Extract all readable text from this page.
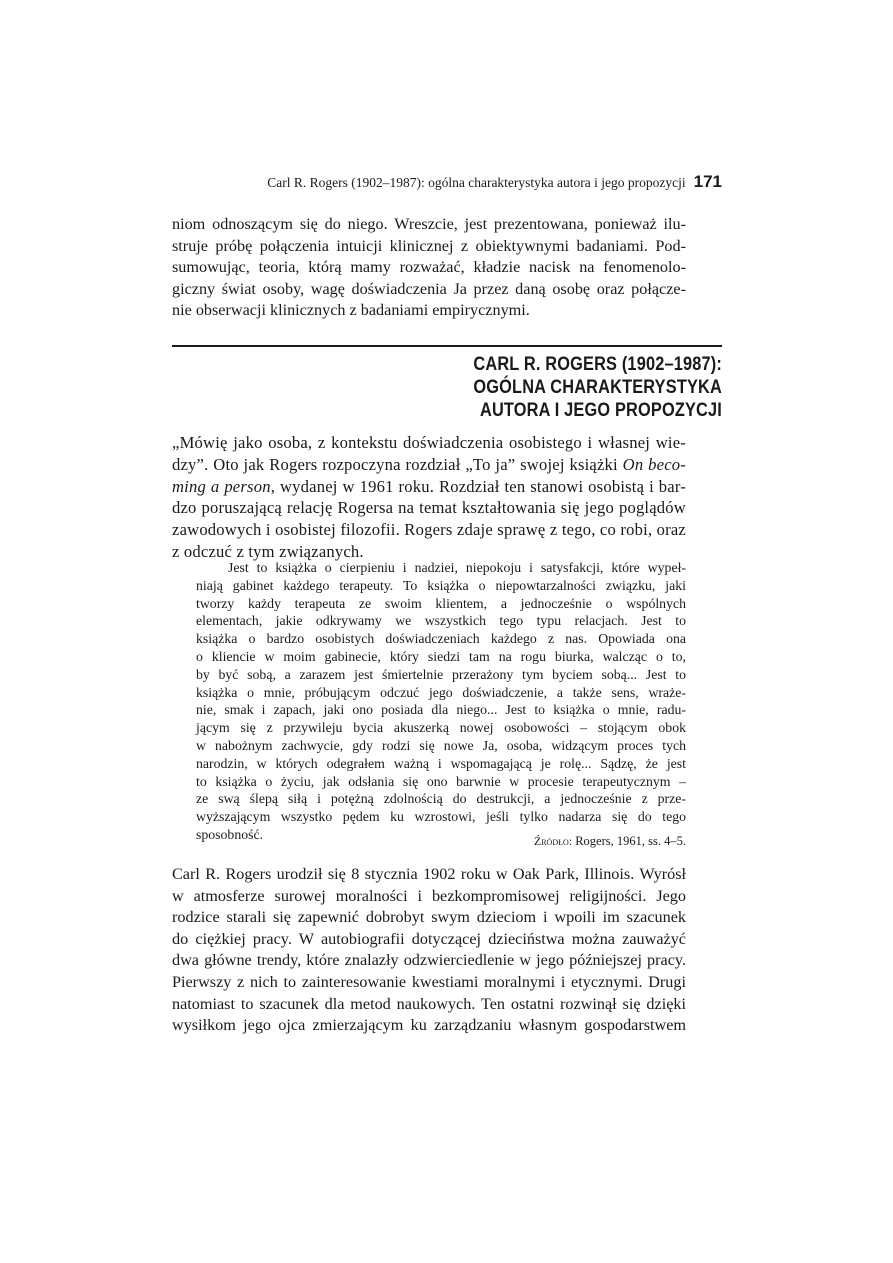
Carl R. Rogers (1902–1987): ogólna charakterystyka autora i jego propozycji 171
niom odnoszącym się do niego. Wreszcie, jest prezentowana, ponieważ ilu-
struje próbę połączenia intuicji klinicznej z obiektywnymi badaniami. Pod-
sumowując, teoria, którą mamy rozważać, kładzie nacisk na fenomenolo-
giczny świat osoby, wagę doświadczenia Ja przez daną osobę oraz połącze-
nie obserwacji klinicznych z badaniami empirycznymi.
CARL R. ROGERS (1902–1987):
OGÓLNA CHARAKTERYSTYKA
AUTORA I JEGO PROPOZYCJI
„Mówię jako osoba, z kontekstu doświadczenia osobistego i własnej wie-
dzy”. Oto jak Rogers rozpoczyna rozdział „To ja” swojej książki On beco-
ming a person, wydanej w 1961 roku. Rozdział ten stanowi osobistą i bar-
dzo poruszającą relację Rogersa na temat kształtowania się jego poglądów
zawodowych i osobistej filozofii. Rogers zdaje sprawę z tego, co robi, oraz
z odczuć z tym związanych.
Jest to książka o cierpieniu i nadziei, niepokoju i satysfakcji, które wypeł-
niają gabinet każdego terapeuty. To książka o niepowtarzalności związku, jaki
tworzy każdy terapeuta ze swoim klientem, a jednocześnie o wspólnych
elementach, jakie odkrywamy we wszystkich tego typu relacjach. Jest to
książka o bardzo osobistych doświadczeniach każdego z nas. Opowiada ona
o kliencie w moim gabinecie, który siedzi tam na rogu biurka, walcząc o to,
by być sobą, a zarazem jest śmiertelnie przerażony tym byciem sobą... Jest to
książka o mnie, próbującym odczuć jego doświadczenie, a także sens, wraże-
nie, smak i zapach, jaki ono posiada dla niego... Jest to książka o mnie, radu-
jącym się z przywileju bycia akuszerką nowej osobowości – stojącym obok
w nabożnym zachwycie, gdy rodzi się nowe Ja, osoba, widzącym proces tych
narodzin, w których odegrałem ważną i wspomagającą je rolę... Sądzę, że jest
to książka o życiu, jak odsłania się ono barwnie w procesie terapeutycznym –
ze swą ślepą siłą i potężną zdolnością do destrukcji, a jednocześnie z prze-
wyższającym wszystko pędem ku wzrostowi, jeśli tylko nadarza się do tego
sposobność.	Źródło: Rogers, 1961, ss. 4–5.
Carl R. Rogers urodził się 8 stycznia 1902 roku w Oak Park, Illinois. Wyrósł
w atmosferze surowej moralności i bezkompromisowej religijności. Jego
rodzice starali się zapewnić dobrobyt swym dzieciom i wpoili im szacunek
do ciężkiej pracy. W autobiografii dotyczącej dzieciństwa można zauważyć
dwa główne trendy, które znalazły odzwierciedlenie w jego późniejszej pracy.
Pierwszy z nich to zainteresowanie kwestiami moralnymi i etycznymi. Drugi
natomiast to szacunek dla metod naukowych. Ten ostatni rozwinął się dzięki
wysiłkom jego ojca zmierzającym ku zarządzaniu własnym gospodarstwem
